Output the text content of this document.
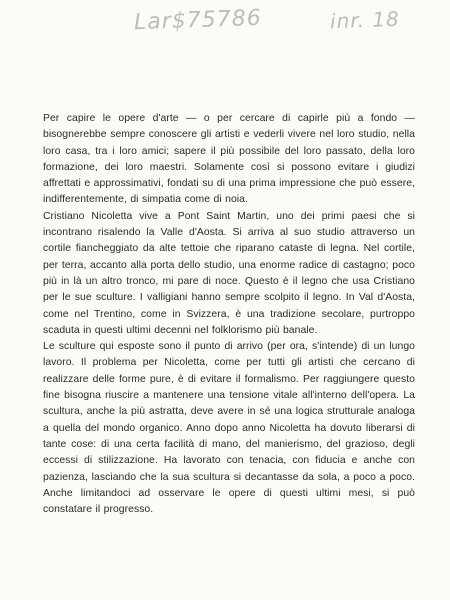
Lar$75786	inr. 18

Per capire le opere d'arte — o per cercare di capirle più a fondo — bisognerebbe sempre conoscere gli artisti e vederli vivere nel loro studio, nella loro casa, tra i loro amici; sapere il più possibile del loro passato, della loro formazione, dei loro maestri. Solamente così si possono evitare i giudizi affrettati e approssimativi, fondati su di una prima impressione che può essere, indifferentemente, di simpatia come di noia.

Cristiano Nicoletta vive a Pont Saint Martin, uno dei primi paesi che si incontrano risalendo la Valle d'Aosta. Si arriva al suo studio attraverso un cortile fiancheggiato da alte tettoie che riparano cataste di legna. Nel cortile, per terra, accanto alla porta dello studio, una enorme radice di castagno; poco più in là un altro tronco, mi pare di noce. Questo è il legno che usa Cristiano per le sue sculture. I valligiani hanno sempre scolpito il legno. In Val d'Aosta, come nel Trentino, come in Svizzera, è una tradizione secolare, purtroppo scaduta in questi ultimi decenni nel folklorismo più banale.

Le sculture qui esposte sono il punto di arrivo (per ora, s'intende) di un lungo lavoro. Il problema per Nicoletta, come per tutti gli artisti che cercano di realizzare delle forme pure, è di evitare il formalismo. Per raggiungere questo fine bisogna riuscire a mantenere una tensione vitale all'interno dell'opera. La scultura, anche la più astratta, deve avere in sé una logica strutturale analoga a quella del mondo organico. Anno dopo anno Nicoletta ha dovuto liberarsi di tante cose: di una certa facilità di mano, del manierismo, del grazioso, degli eccessi di stilizzazione. Ha lavorato con tenacia, con fiducia e anche con pazienza, lasciando che la sua scultura si decantasse da sola, a poco a poco. Anche limitandoci ad osservare le opere di questi ultimi mesi, si può constatare il progresso.
